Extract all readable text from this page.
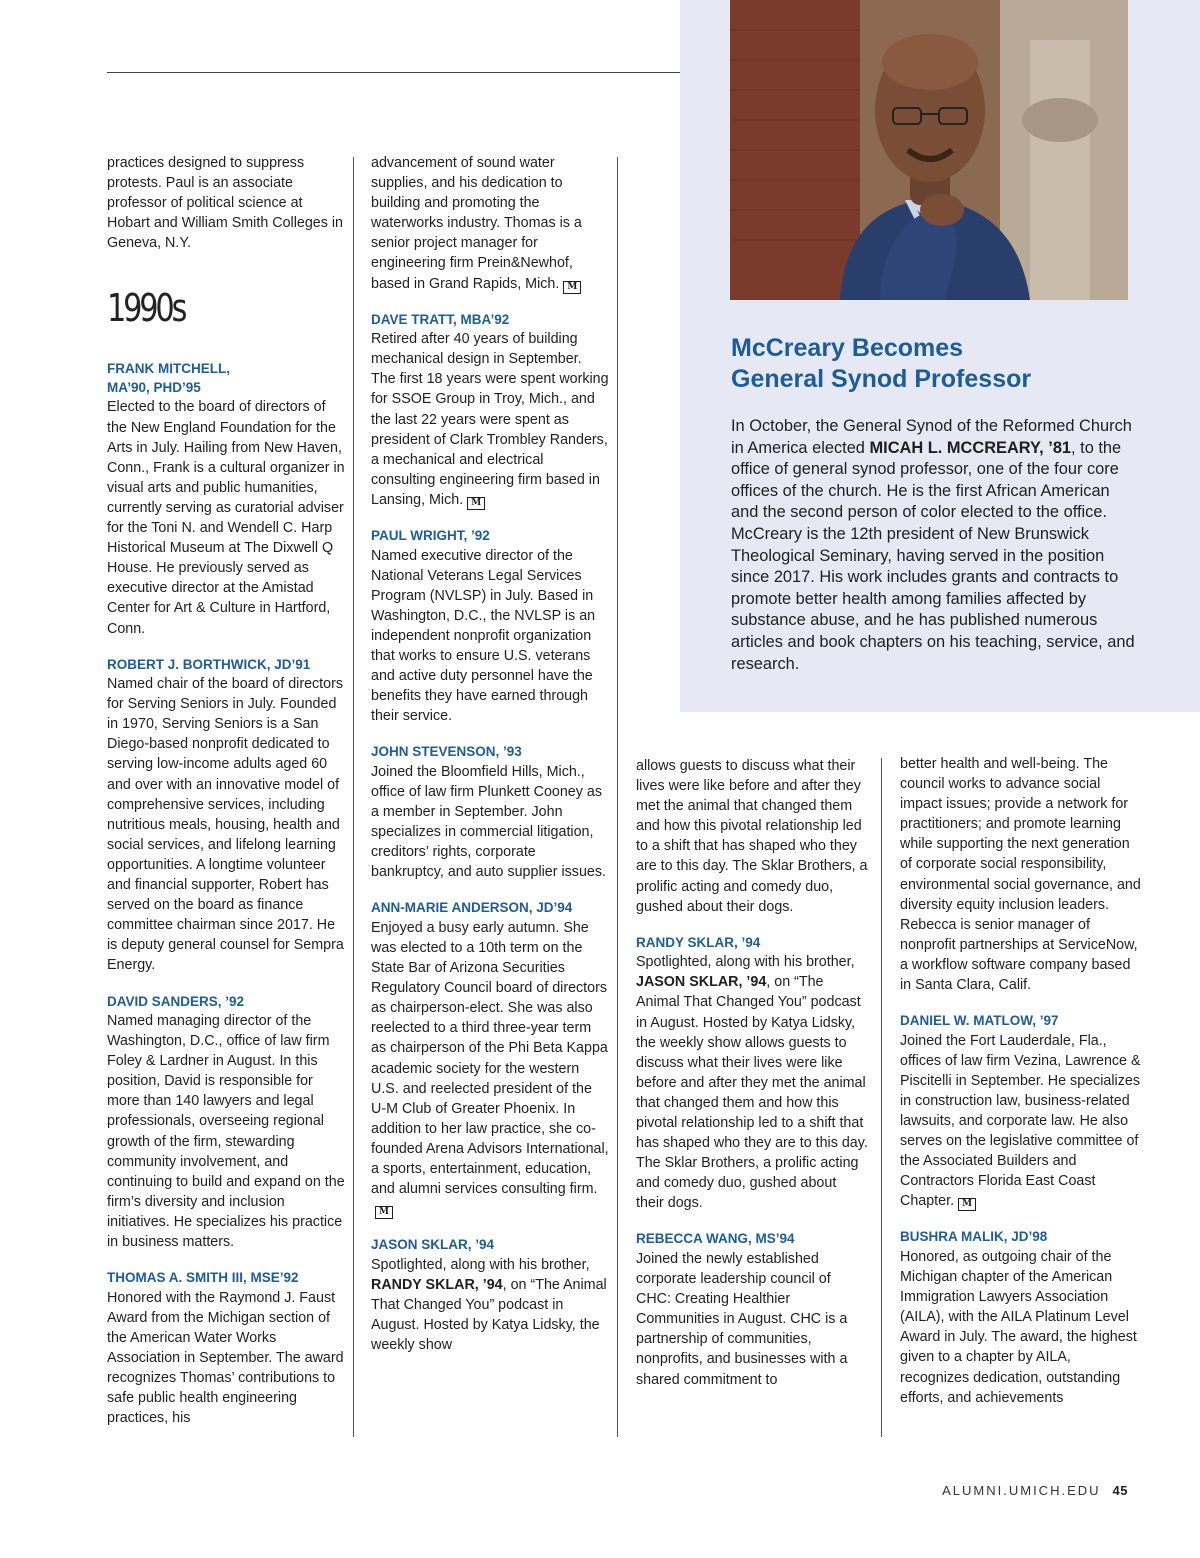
McCreary Becomes
General Synod Professor

In October, the General Synod of the Reformed Church in America elected MICAH L. MCCREARY, ’81, to the office of general synod professor, one of the four core offices of the church. He is the first African American and the second person of color elected to the office. McCreary is the 12th president of New Brunswick Theological Seminary, having served in the position since 2017. His work includes grants and contracts to promote better health among families affected by substance abuse, and he has published numerous articles and book chapters on his teaching, service, and research.

practices designed to suppress protests. Paul is an associate professor of political science at Hobart and William Smith Colleges in Geneva, N.Y.

1990s

FRANK MITCHELL,
MA’90, PHD’95

Elected to the board of directors of the New England Foundation for the Arts in July. Hailing from New Haven, Conn., Frank is a cultural organizer in visual arts and public humanities, currently serving as curatorial adviser for the Toni N. and Wendell C. Harp Historical Museum at The Dixwell Q House. He previously served as executive director at the Amistad Center for Art & Culture in Hartford, Conn.

ROBERT J. BORTHWICK, JD’91

Named chair of the board of directors for Serving Seniors in July. Founded in 1970, Serving Seniors is a San Diego-based nonprofit dedicated to serving low-income adults aged 60 and over with an innovative model of comprehensive services, including nutritious meals, housing, health and social services, and lifelong learning opportunities. A longtime volunteer and financial supporter, Robert has served on the board as finance committee chairman since 2017. He is deputy general counsel for Sempra Energy.

DAVID SANDERS, ’92

Named managing director of the Washington, D.C., office of law firm Foley & Lardner in August. In this position, David is responsible for more than 140 lawyers and legal professionals, overseeing regional growth of the firm, stewarding community involvement, and continuing to build and expand on the firm’s diversity and inclusion initiatives. He specializes his practice in business matters.

THOMAS A. SMITH III, MSE’92

Honored with the Raymond J. Faust Award from the Michigan section of the American Water Works Association in September. The award recognizes Thomas’ contributions to safe public health engineering practices, his

advancement of sound water supplies, and his dedication to building and promoting the waterworks industry. Thomas is a senior project manager for engineering firm Prein&Newhof, based in Grand Rapids, Mich. M

DAVE TRATT, MBA’92

Retired after 40 years of building mechanical design in September. The first 18 years were spent working for SSOE Group in Troy, Mich., and the last 22 years were spent as president of Clark Trombley Randers, a mechanical and electrical consulting engineering firm based in Lansing, Mich. M

PAUL WRIGHT, ’92

Named executive director of the National Veterans Legal Services Program (NVLSP) in July. Based in Washington, D.C., the NVLSP is an independent nonprofit organization that works to ensure U.S. veterans and active duty personnel have the benefits they have earned through their service.

JOHN STEVENSON, ’93

Joined the Bloomfield Hills, Mich., office of law firm Plunkett Cooney as a member in September. John specializes in commercial litigation, creditors’ rights, corporate bankruptcy, and auto supplier issues.

ANN-MARIE ANDERSON, JD’94

Enjoyed a busy early autumn. She was elected to a 10th term on the State Bar of Arizona Securities Regulatory Council board of directors as chairperson-elect. She was also reelected to a third three-year term as chairperson of the Phi Beta Kappa academic society for the western U.S. and reelected president of the U-M Club of Greater Phoenix. In addition to her law practice, she co-founded Arena Advisors International, a sports, entertainment, education, and alumni services consulting firm.M

JASON SKLAR, ’94

Spotlighted, along with his brother, RANDY SKLAR, ’94, on “The Animal That Changed You” podcast in August. Hosted by Katya Lidsky, the weekly show

allows guests to discuss what their lives were like before and after they met the animal that changed them and how this pivotal relationship led to a shift that has shaped who they are to this day. The Sklar Brothers, a prolific acting and comedy duo, gushed about their dogs.

RANDY SKLAR, ’94

Spotlighted, along with his brother, JASON SKLAR, ’94, on “The Animal That Changed You” podcast in August. Hosted by Katya Lidsky, the weekly show allows guests to discuss what their lives were like before and after they met the animal that changed them and how this pivotal relationship led to a shift that has shaped who they are to this day. The Sklar Brothers, a prolific acting and comedy duo, gushed about their dogs.

REBECCA WANG, MS’94

Joined the newly established corporate leadership council of CHC: Creating Healthier Communities in August. CHC is a partnership of communities, nonprofits, and businesses with a shared commitment to

better health and well-being. The council works to advance social impact issues; provide a network for practitioners; and promote learning while supporting the next generation of corporate social responsibility, environmental social governance, and diversity equity inclusion leaders. Rebecca is senior manager of nonprofit partnerships at ServiceNow, a workflow software company based in Santa Clara, Calif.

DANIEL W. MATLOW, ’97

Joined the Fort Lauderdale, Fla., offices of law firm Vezina, Lawrence & Piscitelli in September. He specializes in construction law, business-related lawsuits, and corporate law. He also serves on the legislative committee of the Associated Builders and Contractors Florida East Coast Chapter. M

BUSHRA MALIK, JD’98

Honored, as outgoing chair of the Michigan chapter of the American Immigration Lawyers Association (AILA), with the AILA Platinum Level Award in July. The award, the highest given to a chapter by AILA, recognizes dedication, outstanding efforts, and achievements

ALUMNI.UMICH.EDU 45
